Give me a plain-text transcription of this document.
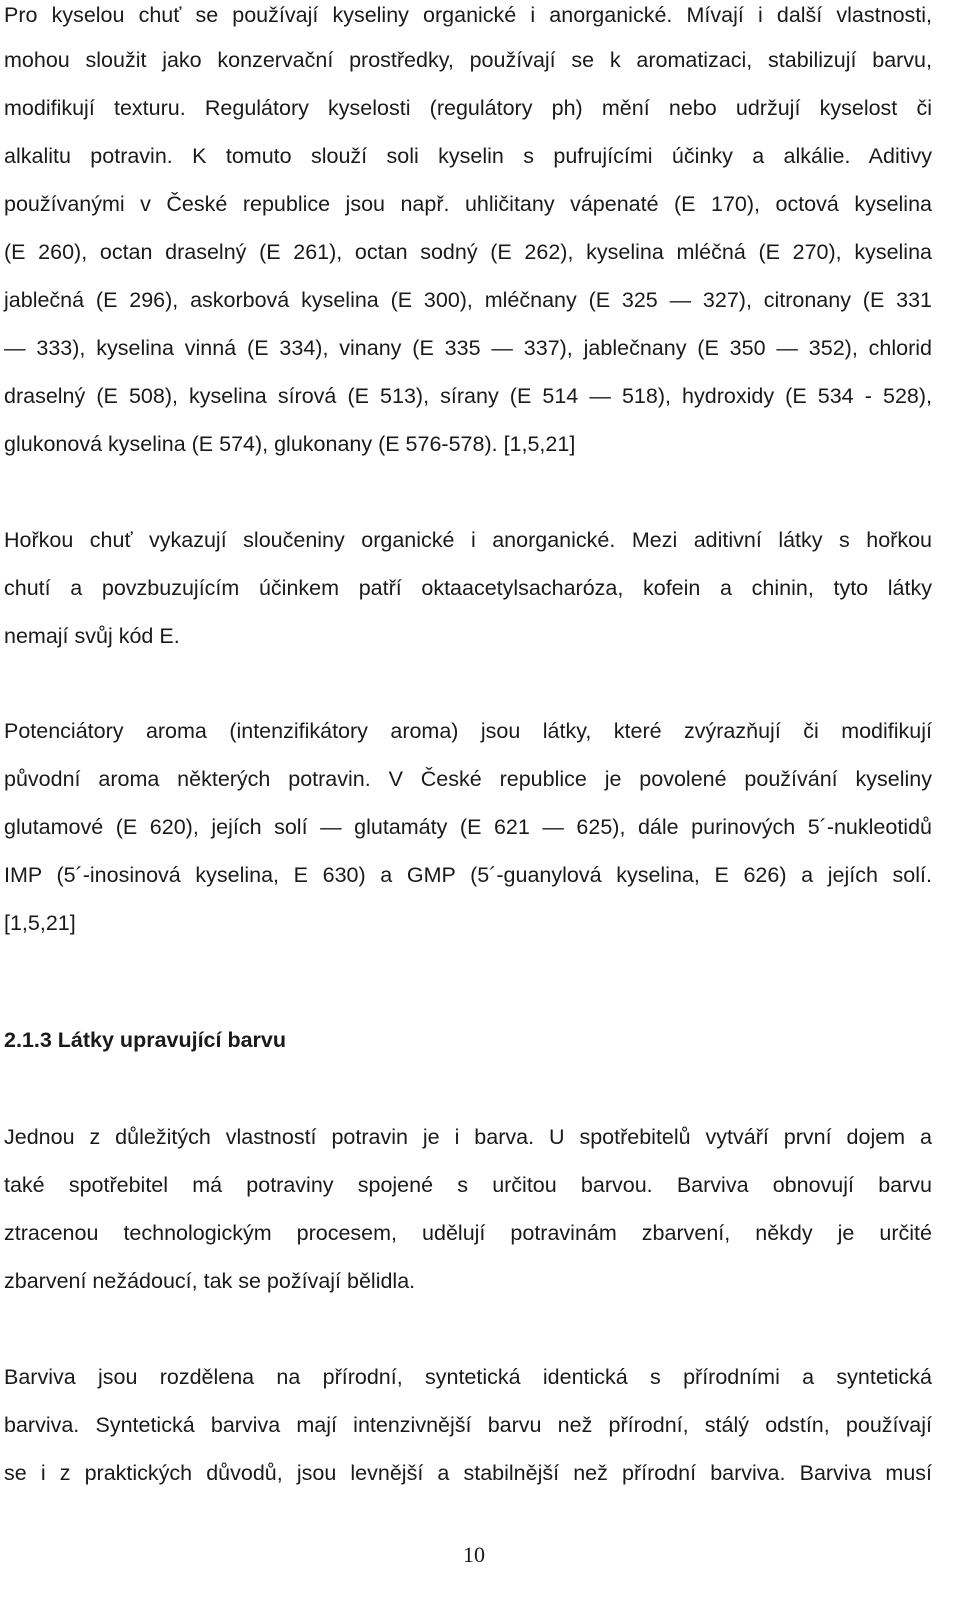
Pro kyselou chuť se používají kyseliny organické i anorganické. Mívají i další vlastnosti,
mohou sloužit jako konzervační prostředky, používají se k aromatizaci, stabilizují barvu,
modifikují texturu. Regulátory kyselosti (regulátory ph) mění nebo udržují kyselost či
alkalitu potravin. K tomuto slouží soli kyselin s pufrujícími účinky a alkálie. Aditivy
používanými v České republice jsou např. uhličitany vápenaté (E 170), octová kyselina
(E 260), octan draselný (E 261), octan sodný (E 262), kyselina mléčná (E 270), kyselina
jablečná (E 296), askorbová kyselina (E 300), mléčnany (E 325 — 327), citronany (E 331
— 333), kyselina vinná (E 334), vinany (E 335 — 337), jablečnany (E 350 — 352), chlorid
draselný (E 508), kyselina sírová (E 513), sírany (E 514 — 518), hydroxidy (E 534 - 528),
glukonová kyselina (E 574), glukonany (E 576-578). [1,5,21]
Hořkou chuť vykazují sloučeniny organické i anorganické. Mezi aditivní látky s hořkou
chutí a povzbuzujícím účinkem patří oktaacetylsacharóza, kofein a chinin, tyto látky
nemají svůj kód E.
Potenciátory aroma (intenzifikátory aroma) jsou látky, které zvýrazňují či modifikují
původní aroma některých potravin. V České republice je povolené používání kyseliny
glutamové (E 620), jejích solí — glutamáty (E 621 — 625), dále purinových 5´-nukleotidů
IMP (5´-inosinová kyselina, E 630) a GMP (5´-guanylová kyselina, E 626) a jejích solí.
[1,5,21]
2.1.3 Látky upravující barvu
Jednou z důležitých vlastností potravin je i barva. U spotřebitelů vytváří první dojem a
také spotřebitel má potraviny spojené s určitou barvou. Barviva obnovují barvu
ztracenou technologickým procesem, udělují potravinám zbarvení, někdy je určité
zbarvení nežádoucí, tak se požívají bělidla.
Barviva jsou rozdělena na přírodní, syntetická identická s přírodními a syntetická
barviva. Syntetická barviva mají intenzivnější barvu než přírodní, stálý odstín, používají
se i z praktických důvodů, jsou levnější a stabilnější než přírodní barviva. Barviva musí
10
